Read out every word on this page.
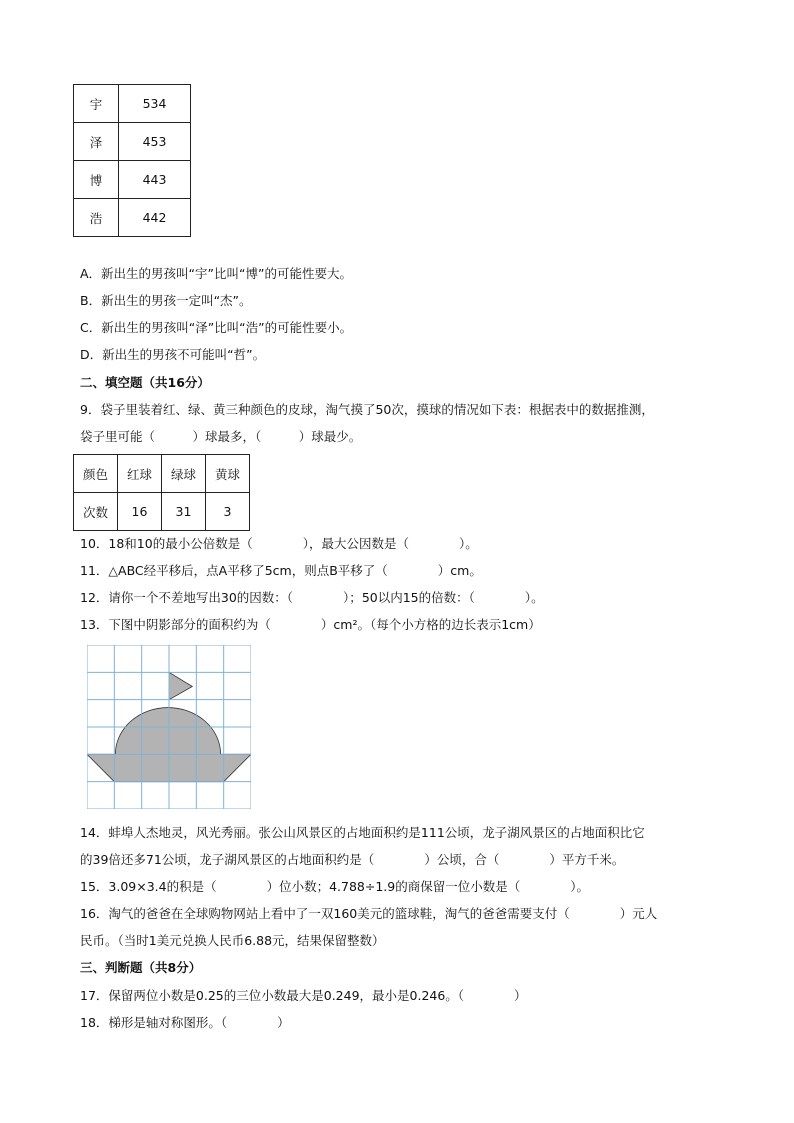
宇	534
泽	453
博	443
浩	442
A．新出生的男孩叫“宇”比叫“博”的可能性要大。
B．新出生的男孩一定叫“杰”。
C．新出生的男孩叫“泽”比叫“浩”的可能性要小。
D．新出生的男孩不可能叫“哲”。
二、填空题（共16分）
9．袋子里装着红、绿、黄三种颜色的皮球，淘气摸了50次，摸球的情况如下表：根据表中的数据推测，
袋子里可能（　　　）球最多，（　　　）球最少。
颜色	红球	绿球	黄球
次数	16	31	3
10．18和10的最小公倍数是（　　　　），最大公因数是（　　　　）。
11．△ABC经平移后，点A平移了5cm，则点B平移了（　　　　）cm。
12．请你一个不差地写出30的因数：（　　　　）；50以内15的倍数：（　　　　）。
13．下图中阴影部分的面积约为（　　　　）cm²。（每个小方格的边长表示1cm）
14．蚌埠人杰地灵，风光秀丽。张公山风景区的占地面积约是111公顷，龙子湖风景区的占地面积比它
的39倍还多71公顷，龙子湖风景区的占地面积约是（　　　　）公顷，合（　　　　）平方千米。
15．3.09×3.4的积是（　　　　）位小数；4.788÷1.9的商保留一位小数是（　　　　）。
16．淘气的爸爸在全球购物网站上看中了一双160美元的篮球鞋，淘气的爸爸需要支付（　　　　）元人
民币。（当时1美元兑换人民币6.88元，结果保留整数）
三、判断题（共8分）
17．保留两位小数是0.25的三位小数最大是0.249，最小是0.246。（　　　　）
18．梯形是轴对称图形。（　　　　）
